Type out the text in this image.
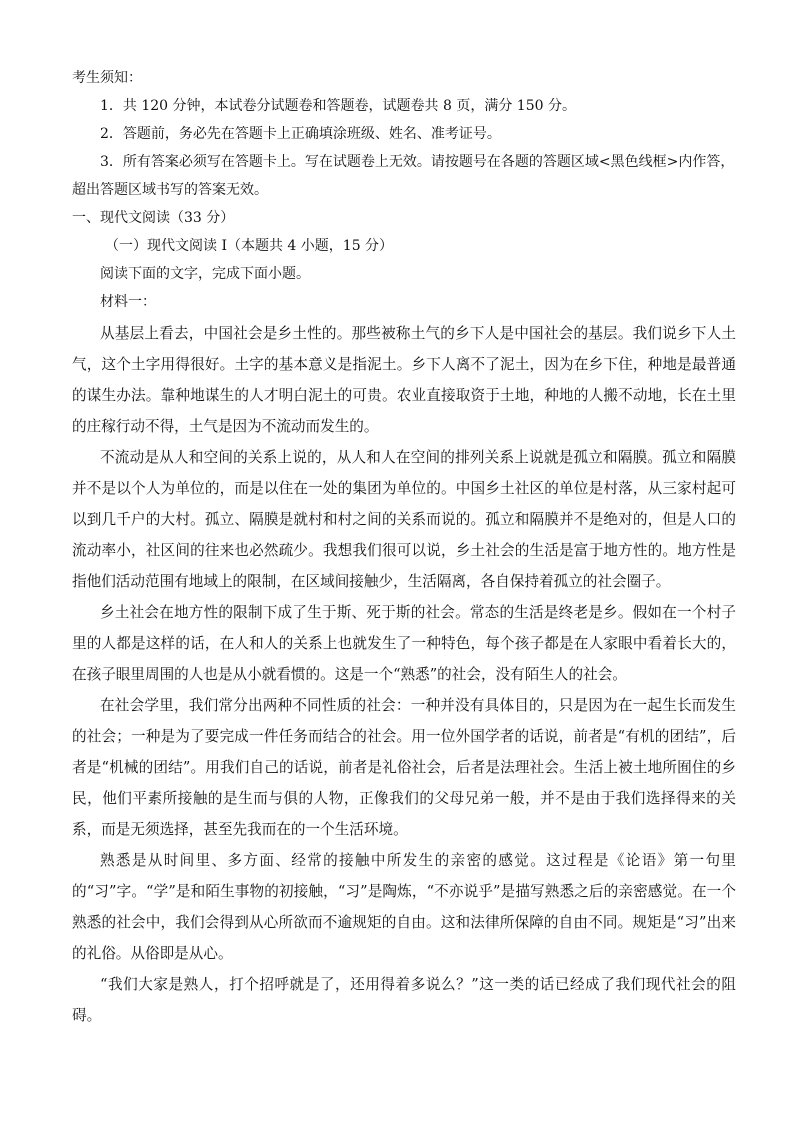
考生须知：

1．共 120 分钟，本试卷分试题卷和答题卷，试题卷共 8 页，满分 150 分。

2．答题前，务必先在答题卡上正确填涂班级、姓名、准考证号。

3．所有答案必须写在答题卡上。写在试题卷上无效。请按题号在各题的答题区域<黑色线框>内作答，

超出答题区域书写的答案无效。

一、现代文阅读（33 分）

（一）现代文阅读 I（本题共 4 小题，15 分）

阅读下面的文字，完成下面小题。

材料一：

从基层上看去，中国社会是乡土性的。那些被称土气的乡下人是中国社会的基层。我们说乡下人土气，这个土字用得很好。土字的基本意义是指泥土。乡下人离不了泥土，因为在乡下住，种地是最普通的谋生办法。靠种地谋生的人才明白泥土的可贵。农业直接取资于土地，种地的人搬不动地，长在土里的庄稼行动不得，土气是因为不流动而发生的。

不流动是从人和空间的关系上说的，从人和人在空间的排列关系上说就是孤立和隔膜。孤立和隔膜并不是以个人为单位的，而是以住在一处的集团为单位的。中国乡土社区的单位是村落，从三家村起可以到几千户的大村。孤立、隔膜是就村和村之间的关系而说的。孤立和隔膜并不是绝对的，但是人口的流动率小，社区间的往来也必然疏少。我想我们很可以说，乡土社会的生活是富于地方性的。地方性是指他们活动范围有地域上的限制，在区域间接触少，生活隔离，各自保持着孤立的社会圈子。

乡土社会在地方性的限制下成了生于斯、死于斯的社会。常态的生活是终老是乡。假如在一个村子里的人都是这样的话，在人和人的关系上也就发生了一种特色，每个孩子都是在人家眼中看着长大的，在孩子眼里周围的人也是从小就看惯的。这是一个“熟悉”的社会，没有陌生人的社会。

在社会学里，我们常分出两种不同性质的社会：一种并没有具体目的，只是因为在一起生长而发生的社会；一种是为了要完成一件任务而结合的社会。用一位外国学者的话说，前者是“有机的团结”，后者是“机械的团结”。用我们自己的话说，前者是礼俗社会，后者是法理社会。生活上被土地所囿住的乡民，他们平素所接触的是生而与俱的人物，正像我们的父母兄弟一般，并不是由于我们选择得来的关系，而是无须选择，甚至先我而在的一个生活环境。

熟悉是从时间里、多方面、经常的接触中所发生的亲密的感觉。这过程是《论语》第一句里的“习”字。“学”是和陌生事物的初接触，“习”是陶炼，“不亦说乎”是描写熟悉之后的亲密感觉。在一个熟悉的社会中，我们会得到从心所欲而不逾规矩的自由。这和法律所保障的自由不同。规矩是“习”出来的礼俗。从俗即是从心。

“我们大家是熟人，打个招呼就是了，还用得着多说么？”这一类的话已经成了我们现代社会的阻碍。
